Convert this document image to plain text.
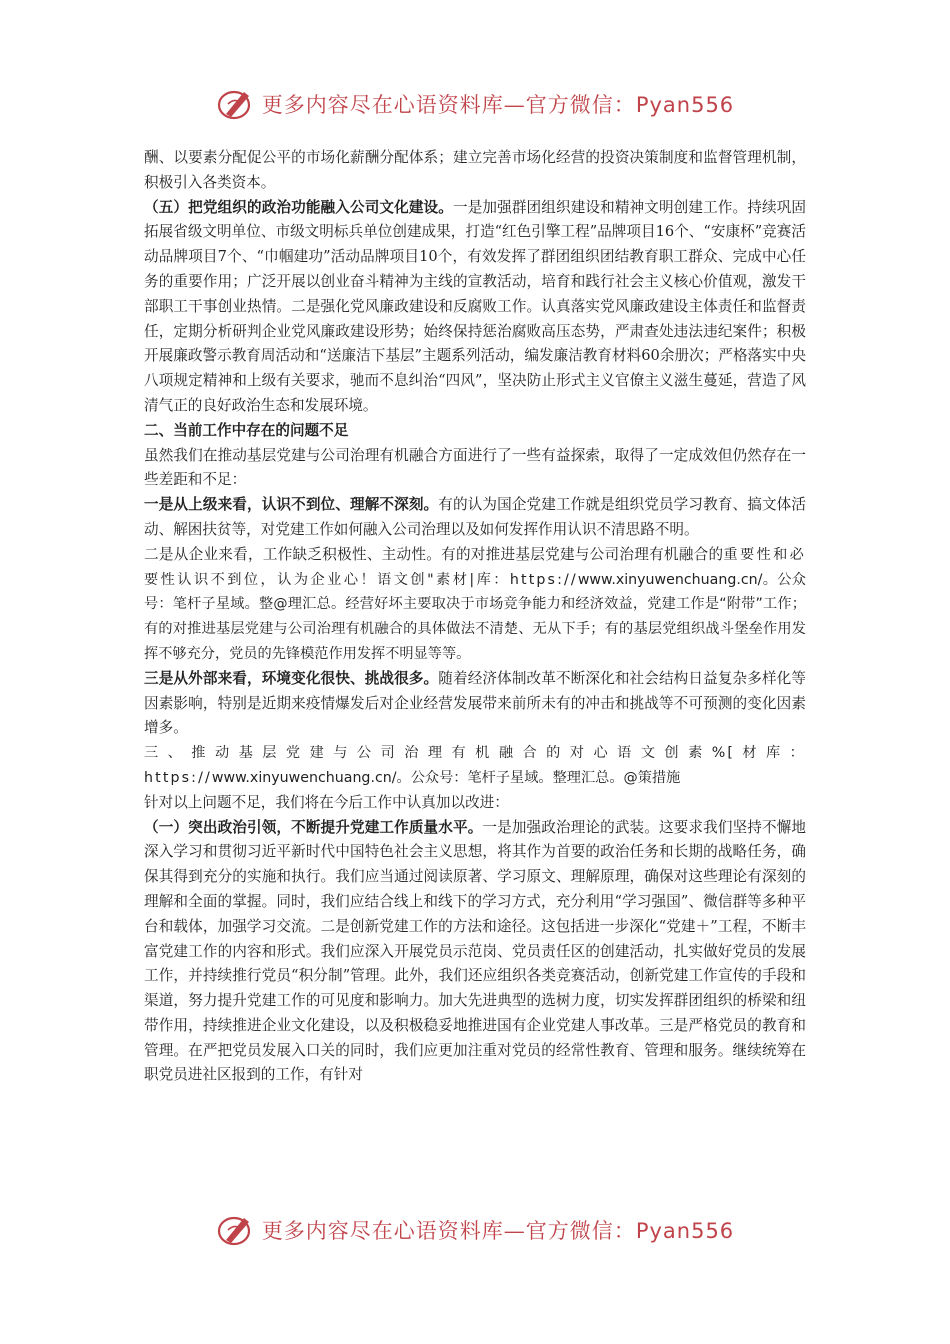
更多内容尽在心语资料库—官方微信：Pyan556

酬、以要素分配促公平的市场化薪酬分配体系；建立完善市场化经营的投资决策制度和监督管理机制，积极引入各类资本。

（五）把党组织的政治功能融入公司文化建设。一是加强群团组织建设和精神文明创建工作。持续巩固拓展省级文明单位、市级文明标兵单位创建成果，打造“红色引擎工程”品牌项目16个、“安康杯”竞赛活动品牌项目7个、“巾帼建功”活动品牌项目10个，有效发挥了群团组织团结教育职工群众、完成中心任务的重要作用；广泛开展以创业奋斗精神为主线的宣教活动，培育和践行社会主义核心价值观，激发干部职工干事创业热情。二是强化党风廉政建设和反腐败工作。认真落实党风廉政建设主体责任和监督责任，定期分析研判企业党风廉政建设形势；始终保持惩治腐败高压态势，严肃查处违法违纪案件；积极开展廉政警示教育周活动和“送廉洁下基层”主题系列活动，编发廉洁教育材料60余册次；严格落实中央八项规定精神和上级有关要求，驰而不息纠治“四风”，坚决防止形式主义官僚主义滋生蔓延，营造了风清气正的良好政治生态和发展环境。

二、当前工作中存在的问题不足

虽然我们在推动基层党建与公司治理有机融合方面进行了一些有益探索，取得了一定成效但仍然存在一些差距和不足：

一是从上级来看，认识不到位、理解不深刻。有的认为国企党建工作就是组织党员学习教育、搞文体活动、解困扶贫等，对党建工作如何融入公司治理以及如何发挥作用认识不清思路不明。

二是从企业来看，工作缺乏积极性、主动性。有的对推进基层党建与公司治理有机融合的重要性和必要性认识不到位，认为企业心！语文创"素材|库：https://www.xinyuwenchuang.cn/。公众号：笔杆子星域。整@理汇总。经营好坏主要取决于市场竞争能力和经济效益，党建工作是“附带”工作；有的对推进基层党建与公司治理有机融合的具体做法不清楚、无从下手；有的基层党组织战斗堡垒作用发挥不够充分，党员的先锋模范作用发挥不明显等等。

三是从外部来看，环境变化很快、挑战很多。随着经济体制改革不断深化和社会结构日益复杂多样化等因素影响，特别是近期来疫情爆发后对企业经营发展带来前所未有的冲击和挑战等不可预测的变化因素增多。

三、推动基层党建与公司治理有机融合的对心语文创素%[材库：https://www.xinyuwenchuang.cn/。公众号：笔杆子星域。整理汇总。@策措施

针对以上问题不足，我们将在今后工作中认真加以改进：

（一）突出政治引领，不断提升党建工作质量水平。一是加强政治理论的武装。这要求我们坚持不懈地深入学习和贯彻习近平新时代中国特色社会主义思想，将其作为首要的政治任务和长期的战略任务，确保其得到充分的实施和执行。我们应当通过阅读原著、学习原文、理解原理，确保对这些理论有深刻的理解和全面的掌握。同时，我们应结合线上和线下的学习方式，充分利用“学习强国”、微信群等多种平台和载体，加强学习交流。二是创新党建工作的方法和途径。这包括进一步深化“党建＋”工程，不断丰富党建工作的内容和形式。我们应深入开展党员示范岗、党员责任区的创建活动，扎实做好党员的发展工作，并持续推行党员“积分制”管理。此外，我们还应组织各类竞赛活动，创新党建工作宣传的手段和渠道，努力提升党建工作的可见度和影响力。加大先进典型的选树力度，切实发挥群团组织的桥梁和纽带作用，持续推进企业文化建设，以及积极稳妥地推进国有企业党建人事改革。三是严格党员的教育和管理。在严把党员发展入口关的同时，我们应更加注重对党员的经常性教育、管理和服务。继续统筹在职党员进社区报到的工作，有针对

更多内容尽在心语资料库—官方微信：Pyan556
